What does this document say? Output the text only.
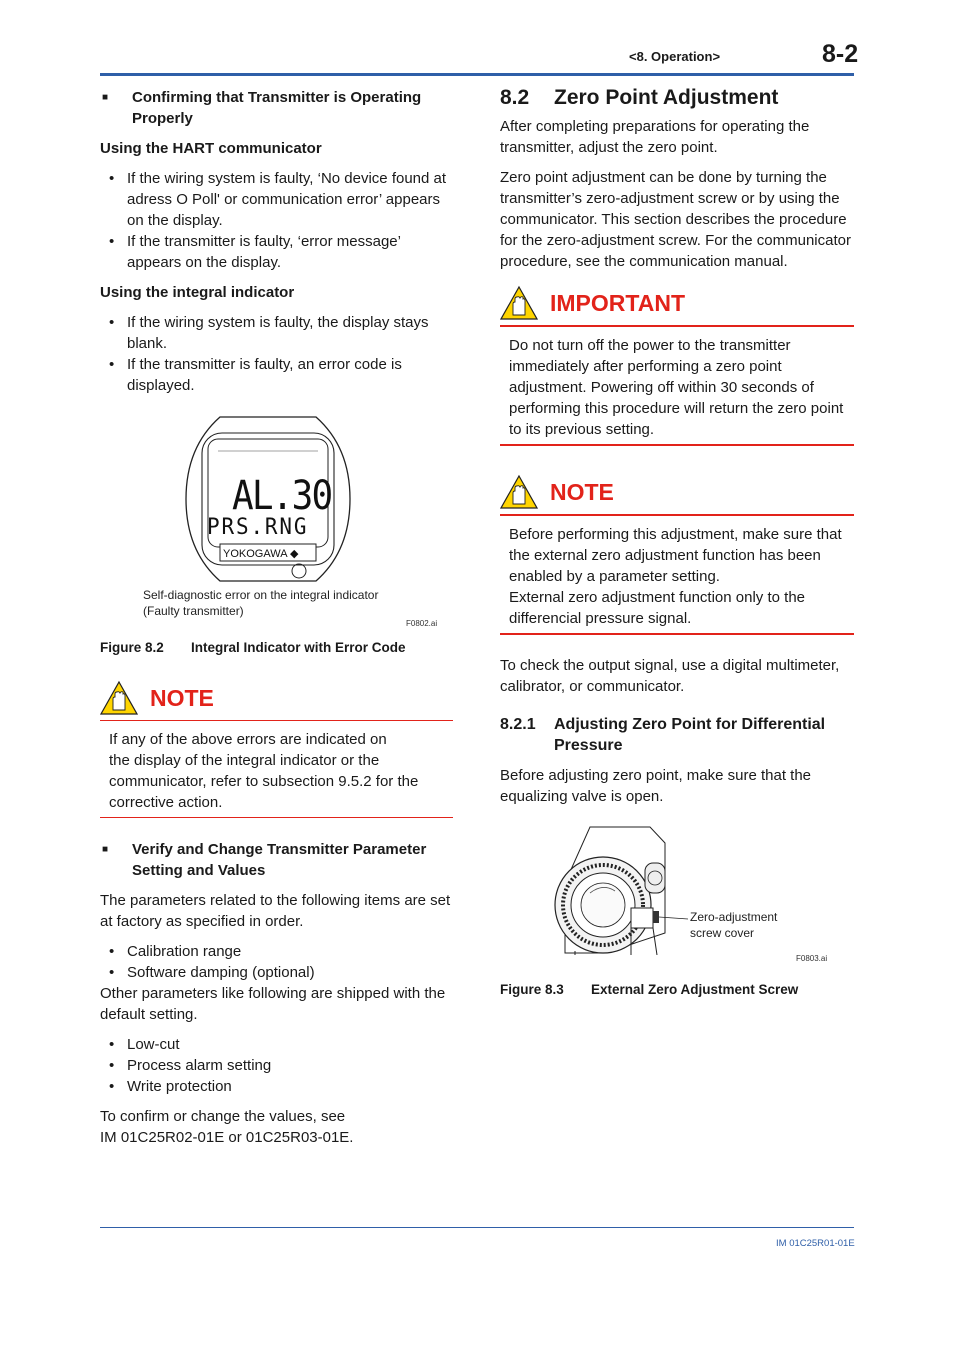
<8. Operation>	8-2
■ Confirming that Transmitter is Operating Properly
Using the HART communicator
• If the wiring system is faulty, ‘No device found at adress O Poll' or communication error’ appears on the display.
• If the transmitter is faulty, ‘error message’ appears on the display.
Using the integral indicator
• If the wiring system is faulty, the display stays blank.
• If the transmitter is faulty, an error code is displayed.
AL.30
PRS.RNG
YOKOGAWA ◆
Self-diagnostic error on the integral indicator
(Faulty transmitter)
F0802.ai
Figure 8.2 Integral Indicator with Error Code
NOTE
If any of the above errors are indicated on
the display of the integral indicator or the
communicator, refer to subsection 9.5.2 for the
corrective action.
■ Verify and Change Transmitter Parameter Setting and Values

The parameters related to the following items are set at factory as specified in order.

• Calibration range
• Software damping (optional)

Other parameters like following are shipped with the default setting.

• Low-cut
• Process alarm setting
• Write protection
To confirm or change the values, see
IM 01C25R02-01E or 01C25R03-01E.
8.2 Zero Point Adjustment

After completing preparations for operating the transmitter, adjust the zero point.

Zero point adjustment can be done by turning the transmitter’s zero-adjustment screw or by using the communicator. This section describes the procedure for the zero-adjustment screw. For the communicator procedure, see the communication manual.

IMPORTANT

Do not turn off the power to the transmitter immediately after performing a zero point adjustment. Powering off within 30 seconds of performing this procedure will return the zero point to its previous setting.

NOTE

Before performing this adjustment, make sure that the external zero adjustment function has been enabled by a parameter setting.

External zero adjustment function only to the differencial pressure signal.

To check the output signal, use a digital multimeter, calibrator, or communicator.

8.2.1	Adjusting Zero Point for Differential Pressure

Before adjusting zero point, make sure that the equalizing valve is open.

Zero-adjustment
screw cover
F0803.ai
Figure 8.3 External Zero Adjustment Screw
IM 01C25R01-01E
